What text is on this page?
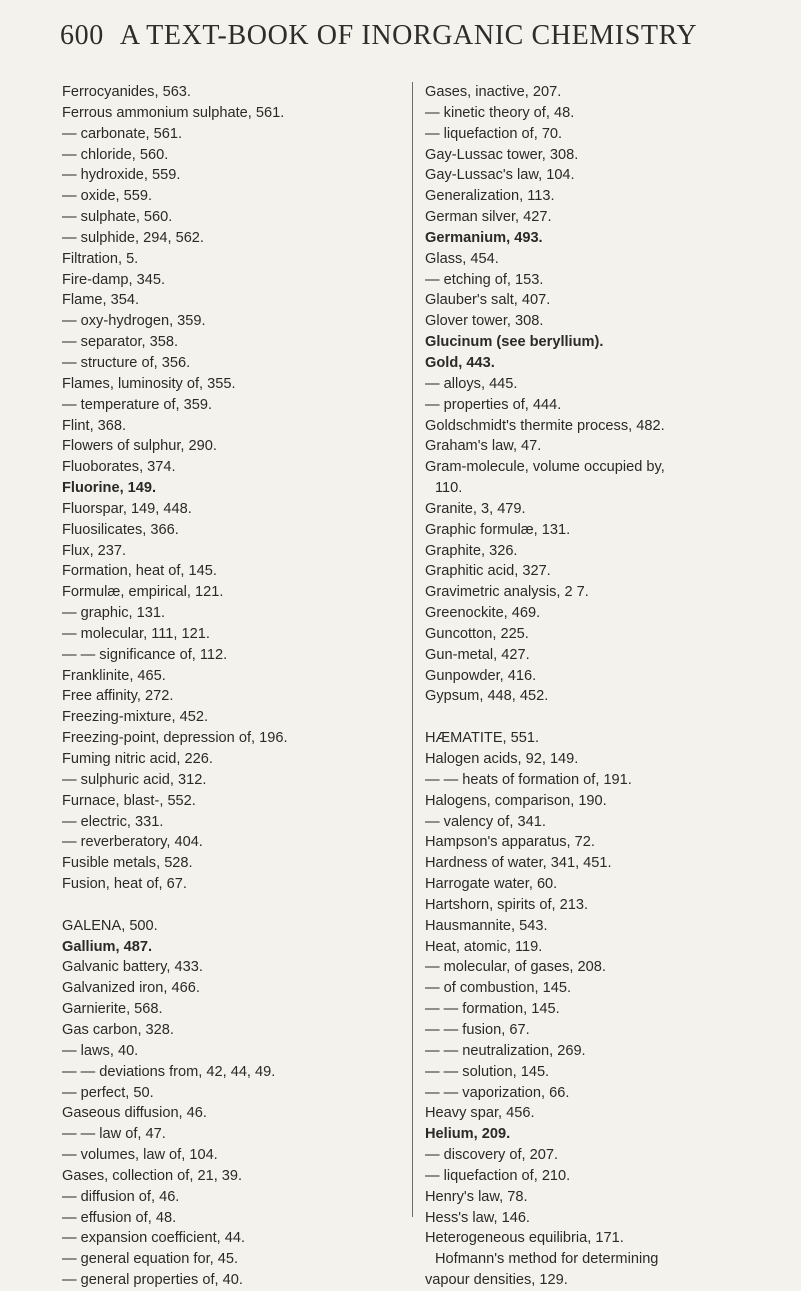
600 A TEXT-BOOK OF INORGANIC CHEMISTRY
Ferrocyanides, 563.
Ferrous ammonium sulphate, 561.
— carbonate, 561.
— chloride, 560.
— hydroxide, 559.
— oxide, 559.
— sulphate, 560.
— sulphide, 294, 562.
Filtration, 5.
Fire-damp, 345.
Flame, 354.
— oxy-hydrogen, 359.
— separator, 358.
— structure of, 356.
Flames, luminosity of, 355.
— temperature of, 359.
Flint, 368.
Flowers of sulphur, 290.
Fluoborates, 374.
Fluorine, 149.
Fluorspar, 149, 448.
Fluosilicates, 366.
Flux, 237.
Formation, heat of, 145.
Formulæ, empirical, 121.
— graphic, 131.
— molecular, 111, 121.
— — significance of, 112.
Franklinite, 465.
Free affinity, 272.
Freezing-mixture, 452.
Freezing-point, depression of, 196.
Fuming nitric acid, 226.
— sulphuric acid, 312.
Furnace, blast-, 552.
— electric, 331.
— reverberatory, 404.
Fusible metals, 528.
Fusion, heat of, 67.
GALENA, 500.
Gallium, 487.
Galvanic battery, 433.
Galvanized iron, 466.
Garnierite, 568.
Gas carbon, 328.
— laws, 40.
— — deviations from, 42, 44, 49.
— perfect, 50.
Gaseous diffusion, 46.
— — law of, 47.
— volumes, law of, 104.
Gases, collection of, 21, 39.
— diffusion of, 46.
— effusion of, 48.
— expansion coefficient, 44.
— general equation for, 45.
— general properties of, 40.
Gases, inactive, 207.
— kinetic theory of, 48.
— liquefaction of, 70.
Gay-Lussac tower, 308.
Gay-Lussac's law, 104.
Generalization, 113.
German silver, 427.
Germanium, 493.
Glass, 454.
— etching of, 153.
Glauber's salt, 407.
Glover tower, 308.
Glucinum (see beryllium).
Gold, 443.
— alloys, 445.
— properties of, 444.
Goldschmidt's thermite process, 482.
Graham's law, 47.
Gram-molecule, volume occupied by,
110.
Granite, 3, 479.
Graphic formulæ, 131.
Graphite, 326.
Graphitic acid, 327.
Gravimetric analysis, 2 7.
Greenockite, 469.
Guncotton, 225.
Gun-metal, 427.
Gunpowder, 416.
Gypsum, 448, 452.
HÆMATITE, 551.
Halogen acids, 92, 149.
— — heats of formation of, 191.
Halogens, comparison, 190.
— valency of, 341.
Hampson's apparatus, 72.
Hardness of water, 341, 451.
Harrogate water, 60.
Hartshorn, spirits of, 213.
Hausmannite, 543.
Heat, atomic, 119.
— molecular, of gases, 208.
— of combustion, 145.
— — formation, 145.
— — fusion, 67.
— — neutralization, 269.
— — solution, 145.
— — vaporization, 66.
Heavy spar, 456.
Helium, 209.
— discovery of, 207.
— liquefaction of, 210.
Henry's law, 78.
Hess's law, 146.
Heterogeneous equilibria, 171.
Hofmann's method for determining
vapour densities, 129.
